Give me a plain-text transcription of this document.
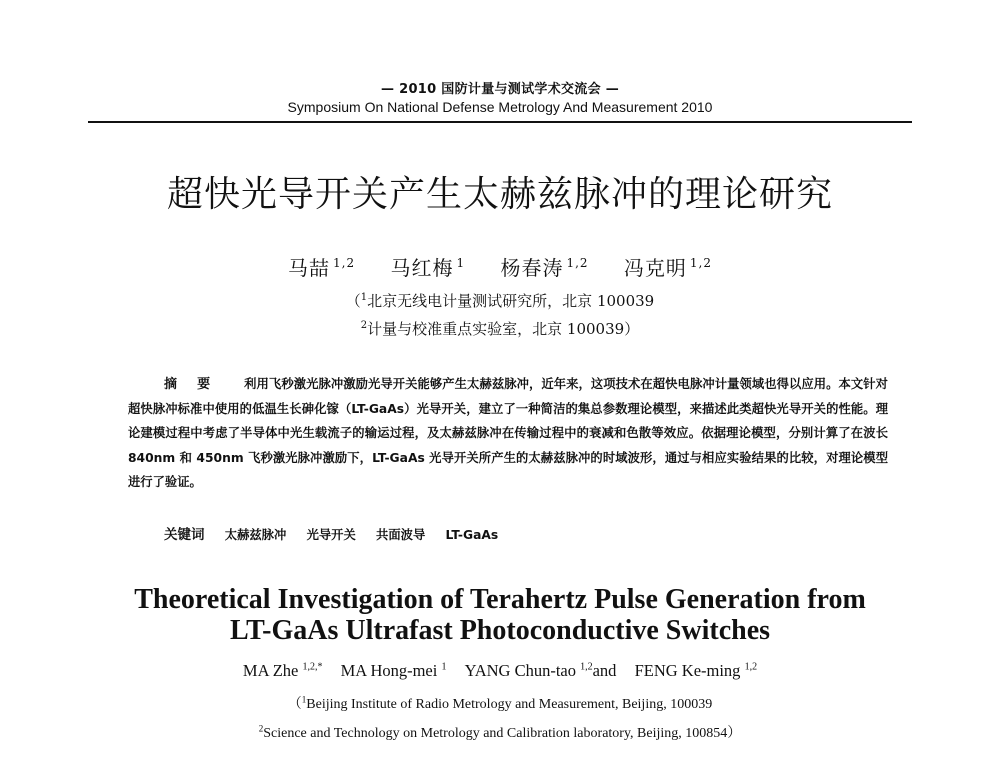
— 2010 国防计量与测试学术交流会 —
Symposium On National Defense Metrology And Measurement 2010
超快光导开关产生太赫兹脉冲的理论研究
马喆 $^{1,2}$ 马红梅 $^1$ 杨春涛 $^{1,2}$ 冯克明 $^{1,2}$
（$^1$北京无线电计量测试研究所，北京 100039
$^2$计量与校准重点实验室，北京 100039）
摘要 利用飞秒激光脉冲激励光导开关能够产生太赫兹脉冲，近年来，这项技术在超快电脉冲计量领域也得以应用。本文针对超快脉冲标准中使用的低温生长砷化镓（LT-GaAs）光导开关，建立了一种简洁的集总参数理论模型，来描述此类超快光导开关的性能。理论建模过程中考虑了半导体中光生载流子的输运过程，及太赫兹脉冲在传输过程中的衰减和色散等效应。依据理论模型，分别计算了在波长 840nm 和 450nm 飞秒激光脉冲激励下，LT-GaAs 光导开关所产生的太赫兹脉冲的时域波形，通过与相应实验结果的比较，对理论模型进行了验证。
关键词 太赫兹脉冲 光导开关 共面波导 LT-GaAs
Theoretical Investigation of Terahertz Pulse Generation from
LT-GaAs Ultrafast Photoconductive Switches
MA Zhe $^{1,2,*}$ MA Hong-mei $^1$ YANG Chun-tao $^{1,2}$and FENG Ke-ming $^{1,2}$
（$^1$Beijing Institute of Radio Metrology and Measurement, Beijing, 100039
$^2$Science and Technology on Metrology and Calibration laboratory, Beijing, 100854）
